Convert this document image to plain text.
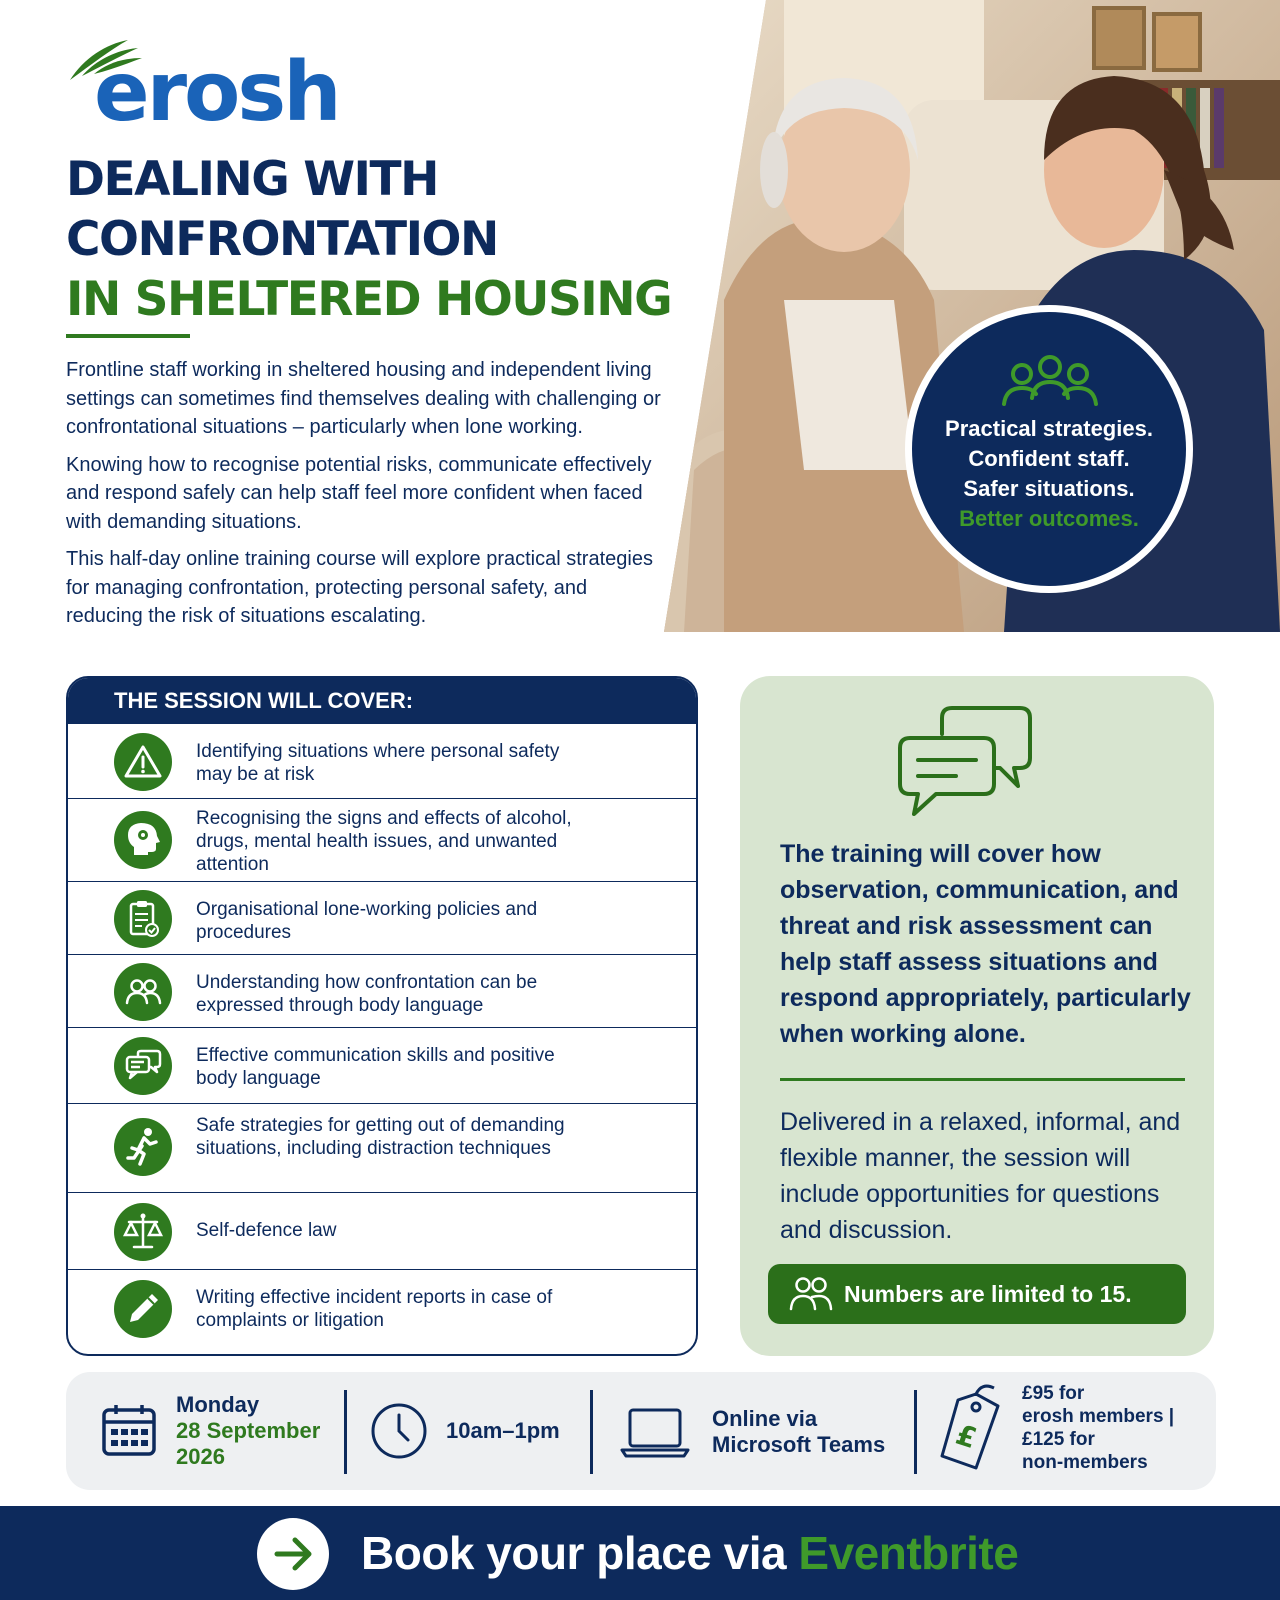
erosh
DEALING WITH
CONFRONTATION
IN SHELTERED HOUSING

Frontline staff working in sheltered housing and independent living settings can sometimes find themselves dealing with challenging or confrontational situations – particularly when lone working.

Knowing how to recognise potential risks, communicate effectively and respond safely can help staff feel more confident when faced with demanding situations.

This half-day online training course will explore practical strategies for managing confrontation, protecting personal safety, and reducing the risk of situations escalating.

Practical strategies.
Confident staff.
Safer situations.
Better outcomes.
THE SESSION WILL COVER:
Identifying situations where personal safety may be at risk
Recognising the signs and effects of alcohol, drugs, mental health issues, and unwanted attention
Organisational lone-working policies and procedures
Understanding how confrontation can be expressed through body language
Effective communication skills and positive body language
Safe strategies for getting out of demanding situations, including distraction techniques
Self-defence law
Writing effective incident reports in case of complaints or litigation
The training will cover how observation, communication, and threat and risk assessment can help staff assess situations and respond appropriately, particularly when working alone.
Delivered in a relaxed, informal, and flexible manner, the session will include opportunities for questions and discussion.
Numbers are limited to 15.
Monday
28 September
2026
10am–1pm	Online via
Microsoft Teams £
£95 for
erosh members |
£125 for
non-members
Book your place via Eventbrite
